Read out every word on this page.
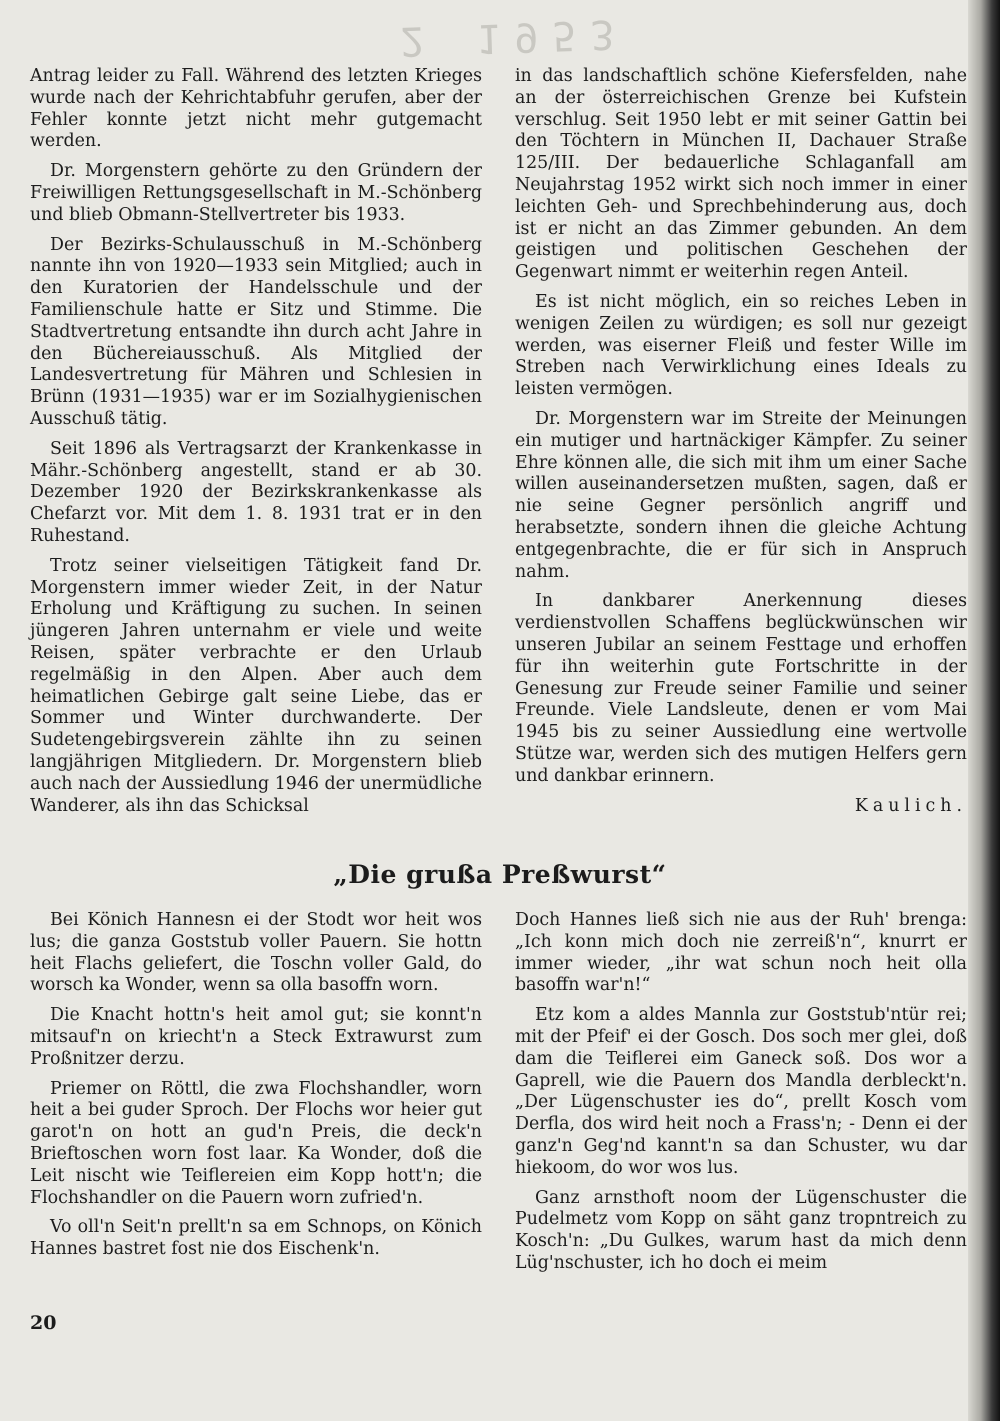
2 1953

Antrag leider zu Fall. Während des letzten Krieges wurde nach der Kehrichtabfuhr gerufen, aber der Fehler konnte jetzt nicht mehr gutgemacht werden.

Dr. Morgenstern gehörte zu den Gründern der Freiwilligen Rettungsgesellschaft in M.-Schönberg und blieb Obmann-Stellvertreter bis 1933.

Der Bezirks-Schulausschuß in M.-Schönberg nannte ihn von 1920—1933 sein Mitglied; auch in den Kuratorien der Handelsschule und der Familienschule hatte er Sitz und Stimme. Die Stadtvertretung entsandte ihn durch acht Jahre in den Büchereiausschuß. Als Mitglied der Landesvertretung für Mähren und Schlesien in Brünn (1931—1935) war er im Sozialhygienischen Ausschuß tätig.

Seit 1896 als Vertragsarzt der Krankenkasse in Mähr.-Schönberg angestellt, stand er ab 30. Dezember 1920 der Bezirkskrankenkasse als Chefarzt vor. Mit dem 1. 8. 1931 trat er in den Ruhestand.

Trotz seiner vielseitigen Tätigkeit fand Dr. Morgenstern immer wieder Zeit, in der Natur Erholung und Kräftigung zu suchen. In seinen jüngeren Jahren unternahm er viele und weite Reisen, später verbrachte er den Urlaub regelmäßig in den Alpen. Aber auch dem heimatlichen Gebirge galt seine Liebe, das er Sommer und Winter durchwanderte. Der Sudetengebirgsverein zählte ihn zu seinen langjährigen Mitgliedern. Dr. Morgenstern blieb auch nach der Aussiedlung 1946 der unermüdliche Wanderer, als ihn das Schicksal

in das landschaftlich schöne Kiefersfelden, nahe an der österreichischen Grenze bei Kufstein verschlug. Seit 1950 lebt er mit seiner Gattin bei den Töchtern in München II, Dachauer Straße 125/III. Der bedauerliche Schlaganfall am Neujahrstag 1952 wirkt sich noch immer in einer leichten Geh- und Sprechbehinderung aus, doch ist er nicht an das Zimmer gebunden. An dem geistigen und politischen Geschehen der Gegenwart nimmt er weiterhin regen Anteil.

Es ist nicht möglich, ein so reiches Leben in wenigen Zeilen zu würdigen; es soll nur gezeigt werden, was eiserner Fleiß und fester Wille im Streben nach Verwirklichung eines Ideals zu leisten vermögen.

Dr. Morgenstern war im Streite der Meinungen ein mutiger und hartnäckiger Kämpfer. Zu seiner Ehre können alle, die sich mit ihm um einer Sache willen auseinandersetzen mußten, sagen, daß er nie seine Gegner persönlich angriff und herabsetzte, sondern ihnen die gleiche Achtung entgegenbrachte, die er für sich in Anspruch nahm.

In dankbarer Anerkennung dieses verdienstvollen Schaffens beglückwünschen wir unseren Jubilar an seinem Festtage und erhoffen für ihn weiterhin gute Fortschritte in der Genesung zur Freude seiner Familie und seiner Freunde. Viele Landsleute, denen er vom Mai 1945 bis zu seiner Aussiedlung eine wertvolle Stütze war, werden sich des mutigen Helfers gern und dankbar erinnern.

Kaulich.

„Die grußa Preßwurst“

Bei Könich Hannesn ei der Stodt wor heit wos lus; die ganza Goststub voller Pauern. Sie hottn heit Flachs geliefert, die Toschn voller Gald, do worsch ka Wonder, wenn sa olla basoffn worn.

Die Knacht hottn's heit amol gut; sie konnt'n mitsauf'n on kriecht'n a Steck Extrawurst zum Proßnitzer derzu.

Priemer on Röttl, die zwa Flochshandler, worn heit a bei guder Sproch. Der Flochs wor heier gut garot'n on hott an gud'n Preis, die deck'n Brieftoschen worn fost laar. Ka Wonder, doß die Leit nischt wie Teiflereien eim Kopp hott'n; die Flochshandler on die Pauern worn zufried'n.

Vo oll'n Seit'n prellt'n sa em Schnops, on Könich Hannes bastret fost nie dos Eischenk'n.

Doch Hannes ließ sich nie aus der Ruh' brenga: „Ich konn mich doch nie zerreiß'n“, knurrt er immer wieder, „ihr wat schun noch heit olla basoffn war'n!“

Etz kom a aldes Mannla zur Goststub'ntür rei; mit der Pfeif' ei der Gosch. Dos soch mer glei, doß dam die Teiflerei eim Ganeck soß. Dos wor a Gaprell, wie die Pauern dos Mandla derbleckt'n. „Der Lügenschuster ies do“, prellt Kosch vom Derfla, dos wird heit noch a Frass'n; - Denn ei der ganz'n Geg'nd kannt'n sa dan Schuster, wu dar hiekoom, do wor wos lus.

Ganz arnsthoft noom der Lügenschuster die Pudelmetz vom Kopp on säht ganz tropntreich zu Kosch'n: „Du Gulkes, warum hast da mich denn Lüg'nschuster, ich ho doch ei meim

20
